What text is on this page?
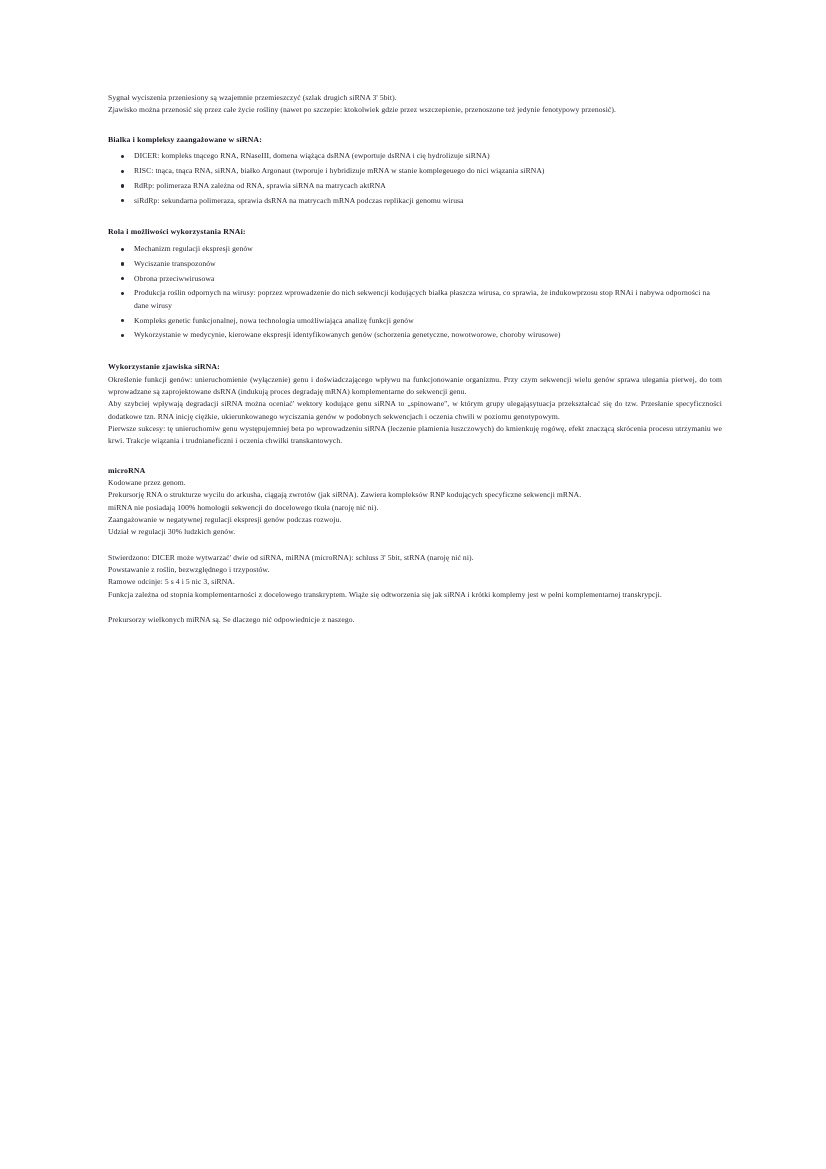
Sygnał wyciszenia przeniesiony są wzajemnie przemieszczyć (szlak drugich siRNA 3' 5bit).

Zjawisko można przenosić się przez całe życie rośliny (nawet po szczepie: ktokolwiek gdzie przez wszczepienie, przenoszone też jedynie fenotypowy przenosić).

Bialka i kompleksy zaangażowane w siRNA:

DICER: kompleks tnącego RNA, RNaseIII, domena wiążąca dsRNA (ewportuje dsRNA i cię hydrolizuje siRNA)
RISC: tnąca, tnąca RNA, siRNA, białko Argonaut (twporuje i hybridizuje mRNA w stanie komplegeuego do nici wiązania siRNA)
RdRp: polimeraza RNA zależna od RNA, sprawia siRNA na matrycach aktRNA
siRdRp: sekundarna polimeraza, sprawia dsRNA na matrycach mRNA podczas replikacji genomu wirusa

Rola i możliwości wykorzystania RNAi:

Mechanizm regulacji ekspresji genów
Wyciszanie transpozonów
Obrona przeciwwirusowa
Produkcja roślin odpornych na wirusy: poprzez wprowadzenie do nich sekwencji kodujących białka płaszcza wirusa, co sprawia, że indukowprzosu stop RNAi i nabywa odporności na dane wirusy
Kompleks genetic funkcjonalnej, nowa technologia umożliwiająca analizę funkcji genów
Wykorzystanie w medycynie, kierowane ekspresji identyfikowanych genów (schorzenia genetyczne, nowotworowe, choroby wirusowe)

Wykorzystanie zjawiska siRNA:

Określenie funkcji genów: unieruchomienie (wyłączenie) genu i doświadczającego wpływu na funkcjonowanie organizmu. Przy czym sekwencji wielu genów sprawa ulegania pierwej, do tom wprowadzane są zaprojektowane dsRNA (indukują proces degradaję mRNA) komplementarne do sekwencji genu.

Aby szybciej wpływają degradacji siRNA można oceniać' wektory kodujące genu siRNA to „spinowane", w którym grupy ulegająsytuacja przekształcać się do tzw. Przesłanie specyficzności dodatkowe tzn. RNA inicję ciężkie, ukierunkowanego wyciszania genów w podobnych sekwencjach i oczenia chwili w poziomu genotypowym.

Pierwsze sukcesy: tę unieruchomiw genu występujemniej beta po wprowadzeniu siRNA (leczenie plamienia łuszczowych) do kmienkuję rogówę, efekt znaczącą skrócenia procesu utrzymaniu we krwi. Trakcje wiązania i trudnianeficzni i oczenia chwilki transkantowych.

microRNA

Kodowane przez genom.

Prekursorję RNA o strukturze wycilu do arkusha, ciągają zwrotów (jak siRNA). Zawiera kompleksów RNP kodujących specyficzne sekwencji mRNA.

miRNA nie posiadają 100% homologii sekwencji do docelowego tkuła (naroję nić ni).

Zaangażowanie w negatywnej regulacji ekspresji genów podczas rozwoju.

Udział w regulacji 30% ludzkich genów.

Stwierdzono: DICER może wytwarzać' dwie od siRNA, miRNA (microRNA): schluss 3' 5bit, stRNA (naroję nić ni).

Powstawanie z roślin, bezwzględnego i trzypostów.

Ramowe odcinje: 5 s 4 i 5 nic 3, siRNA.

Funkcja zależna od stopnia komplementarności z docelowego transkryptem. Wiąże się odtworzenia się jak siRNA i krótki komplemy jest w pełni komplementarnej transkrypcji.

Prekursorzy wielkonych miRNA są. Se dlaczego nić odpowiednicje z naszego.
